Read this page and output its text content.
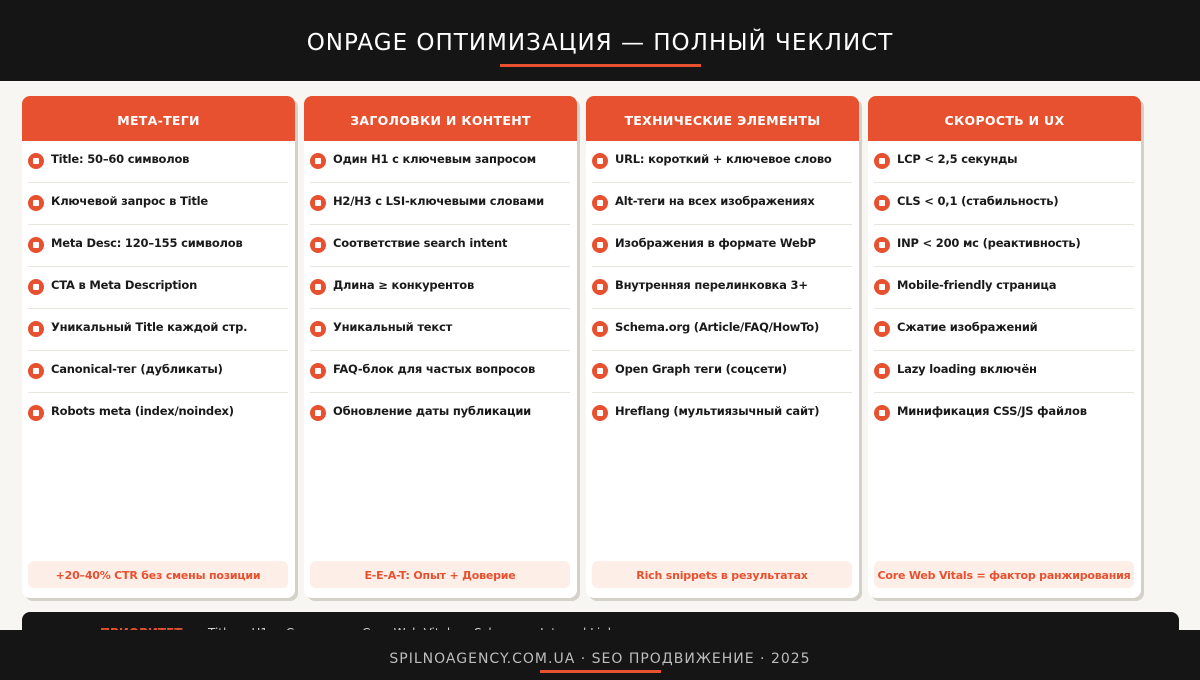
ONPAGE ОПТИМИЗАЦИЯ — ПОЛНЫЙ ЧЕКЛИСТ
МЕТА-ТЕГИ
Title: 50–60 символов
Ключевой запрос в Title
Meta Desc: 120–155 символов
CTA в Meta Description
Уникальный Title каждой стр.
Canonical-тег (дубликаты)
Robots meta (index/noindex)
+20–40% CTR без смены позиции
ЗАГОЛОВКИ И КОНТЕНТ
Один H1 с ключевым запросом
H2/H3 с LSI-ключевыми словами
Соответствие search intent
Длина ≥ конкурентов
Уникальный текст
FAQ-блок для частых вопросов
Обновление даты публикации
E-E-A-T: Опыт + Доверие
ТЕХНИЧЕСКИЕ ЭЛЕМЕНТЫ
URL: короткий + ключевое слово
Alt-теги на всех изображениях
Изображения в формате WebP
Внутренняя перелинковка 3+
Schema.org (Article/FAQ/HowTo)
Open Graph теги (соцсети)
Hreflang (мультиязычный сайт)
Rich snippets в результатах
СКОРОСТЬ И UX
LCP < 2,5 секунды
CLS < 0,1 (стабильность)
INP < 200 мс (реактивность)
Mobile-friendly страница
Сжатие изображений
Lazy loading включён
Минификация CSS/JS файлов
Core Web Vitals = фактор ранжирования
SPILNOAGENCY.COM.UA · SEO ПРОДВИЖЕНИЕ · 2025
